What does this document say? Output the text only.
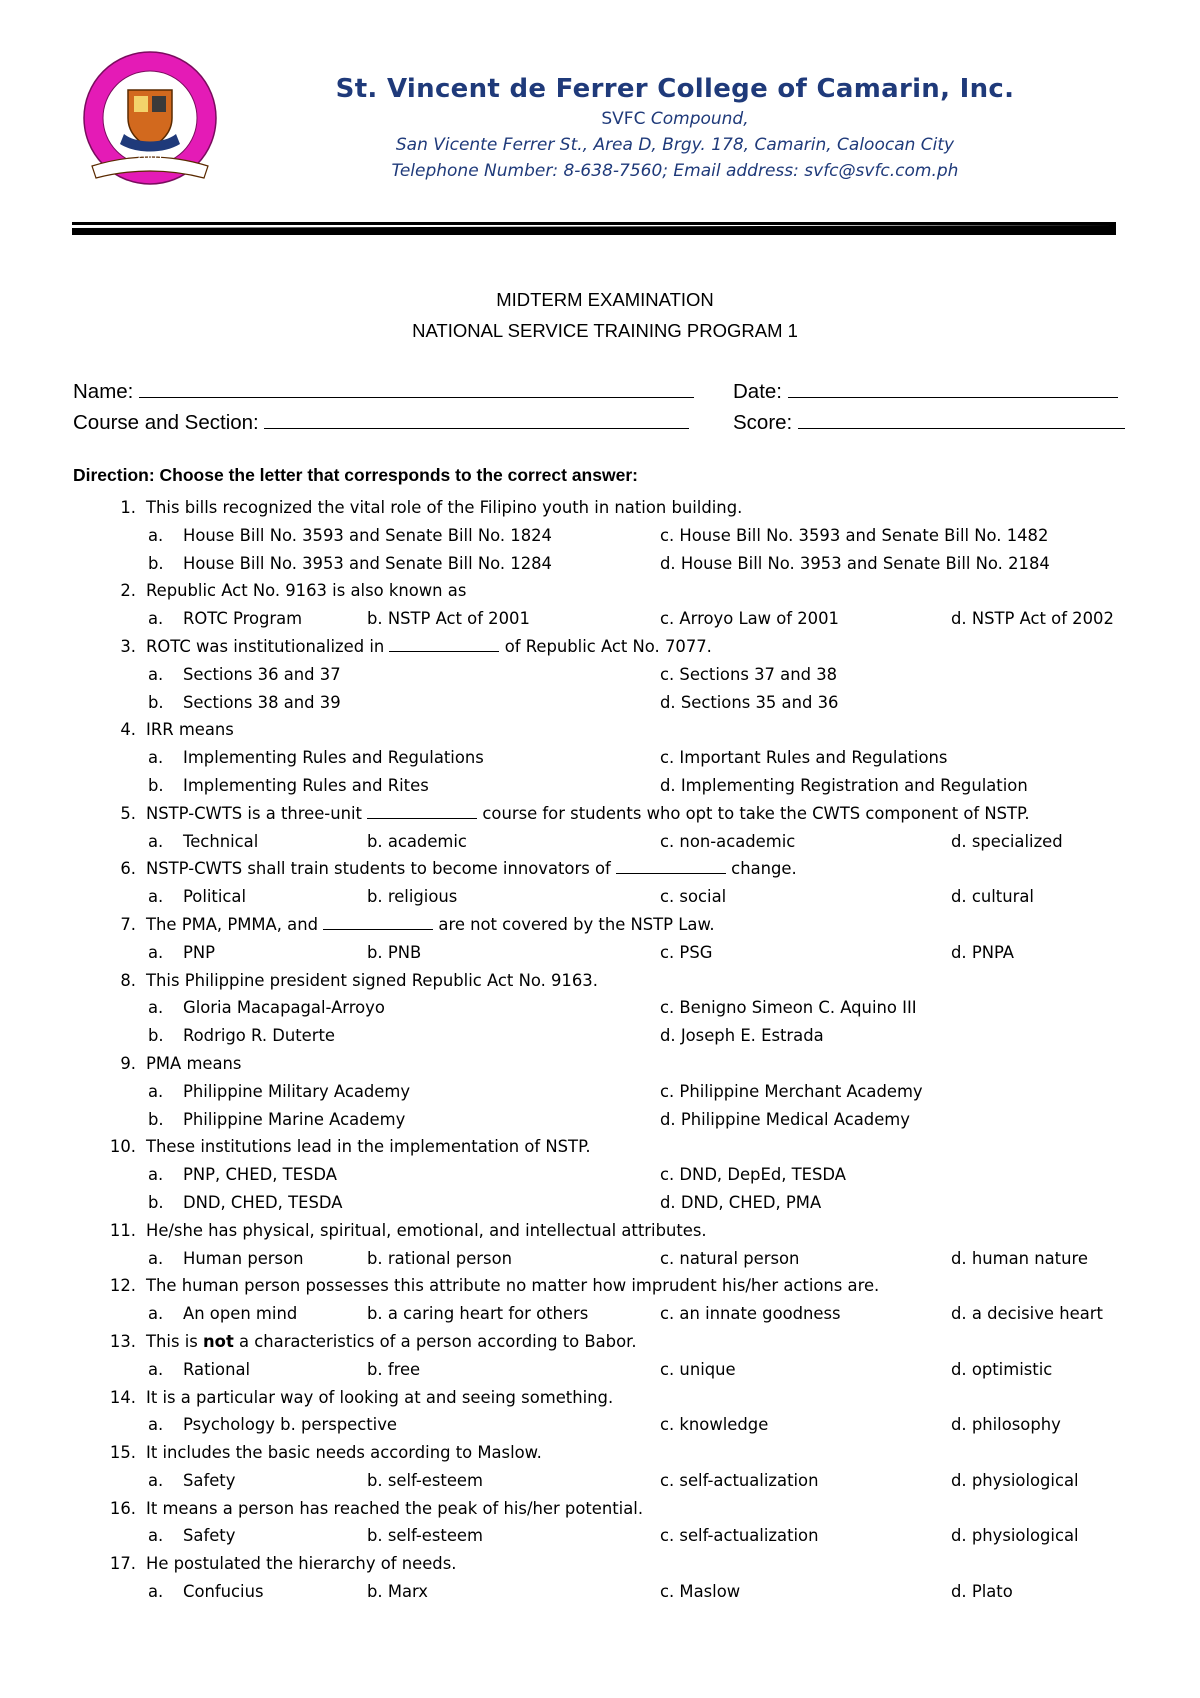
2001
St. Vincent de Ferrer College of Camarin, Inc.
SVFC Compound,
San Vicente Ferrer St., Area D, Brgy. 178, Camarin, Caloocan City
Telephone Number: 8-638-7560; Email address: svfc@svfc.com.ph
MIDTERM EXAMINATION
NATIONAL SERVICE TRAINING PROGRAM 1
Name:	Date:
Course and Section:	Score:
Direction: Choose the letter that corresponds to the correct answer:
1. This bills recognized the vital role of the Filipino youth in nation building.
a. House Bill No. 3593 and Senate Bill No. 1824	c. House Bill No. 3593 and Senate Bill No. 1482
b. House Bill No. 3953 and Senate Bill No. 1284	d. House Bill No. 3953 and Senate Bill No. 2184
2. Republic Act No. 9163 is also known as
a. ROTC Program	b. NSTP Act of 2001	c. Arroyo Law of 2001	d. NSTP Act of 2002
3. ROTC was institutionalized in	of Republic Act No. 7077.
a. Sections 36 and 37	c. Sections 37 and 38
b. Sections 38 and 39	d. Sections 35 and 36
4. IRR means
a. Implementing Rules and Regulations	c. Important Rules and Regulations
b. Implementing Rules and Rites	d. Implementing Registration and Regulation
5. NSTP-CWTS is a three-unit	course for students who opt to take the CWTS component of NSTP.
a. Technical	b. academic	c. non-academic	d. specialized
6. NSTP-CWTS shall train students to become innovators of	change.
a. Political	b. religious	c. social	d. cultural
7. The PMA, PMMA, and	are not covered by the NSTP Law.
a. PNP	b. PNB	c. PSG	d. PNPA
8. This Philippine president signed Republic Act No. 9163.
a. Gloria Macapagal-Arroyo	c. Benigno Simeon C. Aquino III
b. Rodrigo R. Duterte	d. Joseph E. Estrada
9. PMA means
a. Philippine Military Academy	c. Philippine Merchant Academy
b. Philippine Marine Academy	d. Philippine Medical Academy
10. These institutions lead in the implementation of NSTP.
a. PNP, CHED, TESDA	c. DND, DepEd, TESDA
b. DND, CHED, TESDA	d. DND, CHED, PMA
11. He/she has physical, spiritual, emotional, and intellectual attributes.
a. Human person	b. rational person	c. natural person	d. human nature
12. The human person possesses this attribute no matter how imprudent his/her actions are.
a. An open mind	b. a caring heart for others	c. an innate goodness	d. a decisive heart
13. This is not a characteristics of a person according to Babor.
a. Rational	b. free	c. unique	d. optimistic
14. It is a particular way of looking at and seeing something.
a. Psychology b. perspective	c. knowledge	d. philosophy
15. It includes the basic needs according to Maslow.
a. Safety	b. self-esteem	c. self-actualization	d. physiological
16. It means a person has reached the peak of his/her potential.
a. Safety	b. self-esteem	c. self-actualization	d. physiological
17. He postulated the hierarchy of needs.
a. Confucius	b. Marx	c. Maslow	d. Plato
